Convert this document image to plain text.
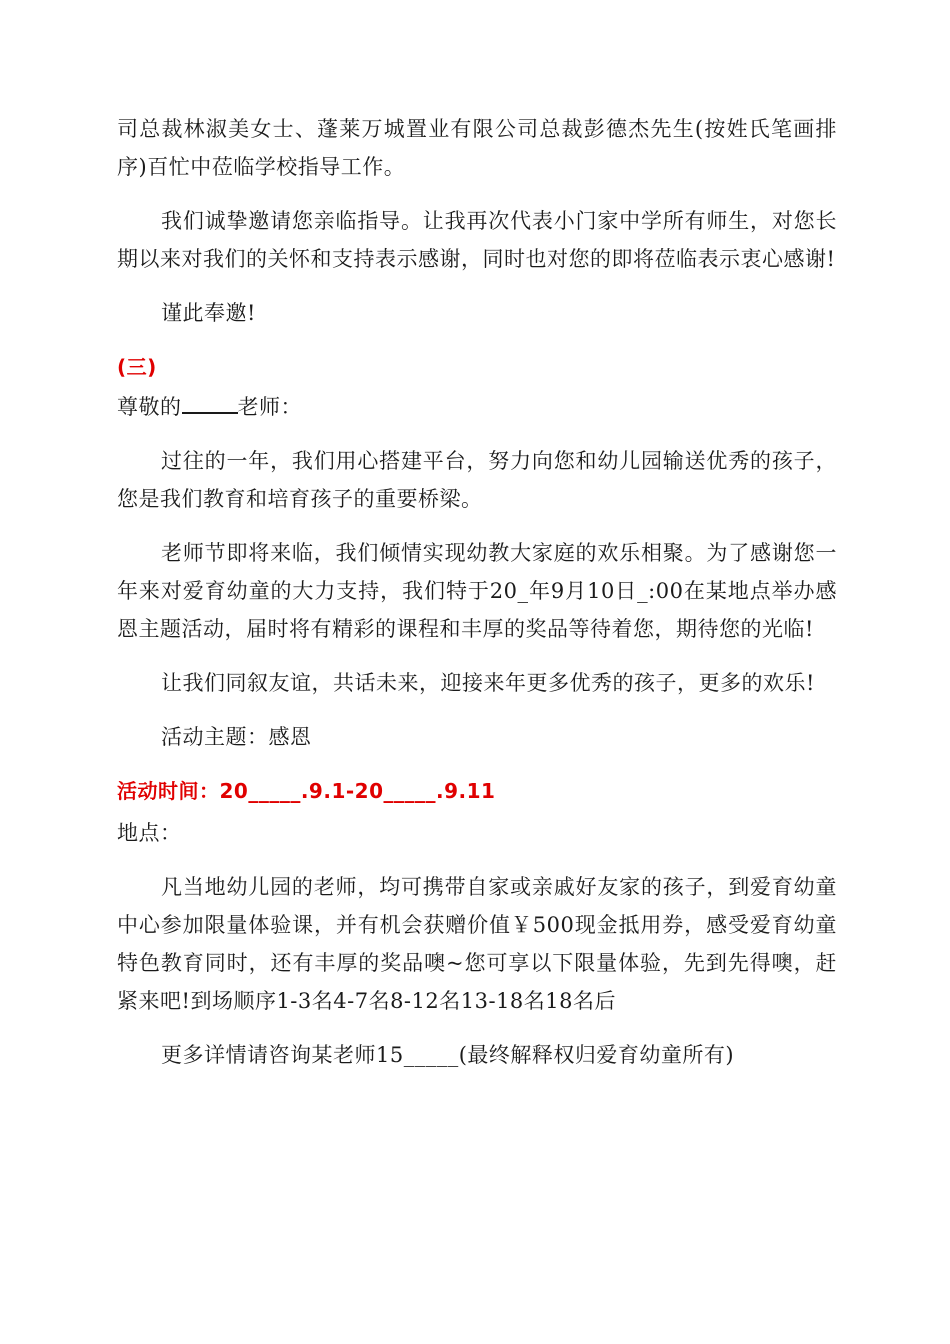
司总裁林淑美女士、蓬莱万城置业有限公司总裁彭德杰先生(按姓氏笔画排序)百忙中莅临学校指导工作。

我们诚挚邀请您亲临指导。让我再次代表小门家中学所有师生，对您长期以来对我们的关怀和支持表示感谢，同时也对您的即将莅临表示衷心感谢!

谨此奉邀!

(三)

尊敬的	老师：

过往的一年，我们用心搭建平台，努力向您和幼儿园输送优秀的孩子，您是我们教育和培育孩子的重要桥梁。

老师节即将来临，我们倾情实现幼教大家庭的欢乐相聚。为了感谢您一年来对爱育幼童的大力支持，我们特于20_年9月10日_:00在某地点举办感恩主题活动，届时将有精彩的课程和丰厚的奖品等待着您，期待您的光临!

让我们同叙友谊，共话未来，迎接来年更多优秀的孩子，更多的欢乐!

活动主题：感恩

活动时间：20_____.9.1-20_____.9.11

地点：

凡当地幼儿园的老师，均可携带自家或亲戚好友家的孩子，到爱育幼童中心参加限量体验课，并有机会获赠价值￥500现金抵用券，感受爱育幼童特色教育同时，还有丰厚的奖品噢~您可享以下限量体验，先到先得噢，赶紧来吧!到场顺序1-3名4-7名8-12名13-18名18名后

更多详情请咨询某老师15_____(最终解释权归爱育幼童所有)
